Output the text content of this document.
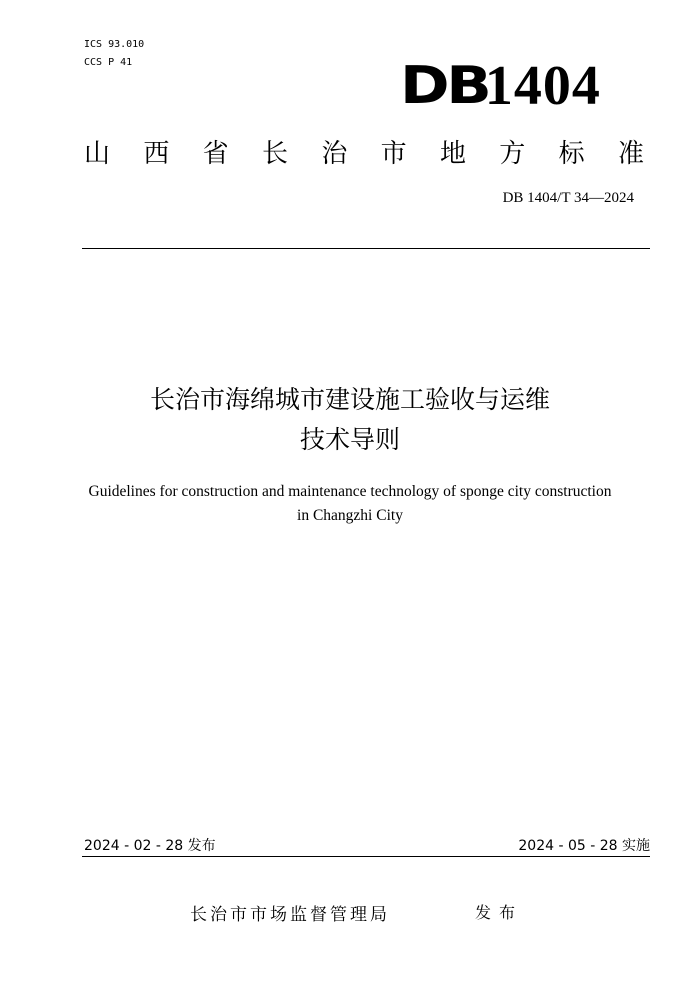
ICS 93.010
CCS P 41	DB1404
山 西 省 长 治 市 地 方 标 准
DB 1404/T 34—2024
长治市海绵城市建设施工验收与运维
技术导则
Guidelines for construction and maintenance technology of sponge city construction
in Changzhi City
2024 - 02 - 28 发布	2024 - 05 - 28 实施
长治市市场监督管理局	发布
